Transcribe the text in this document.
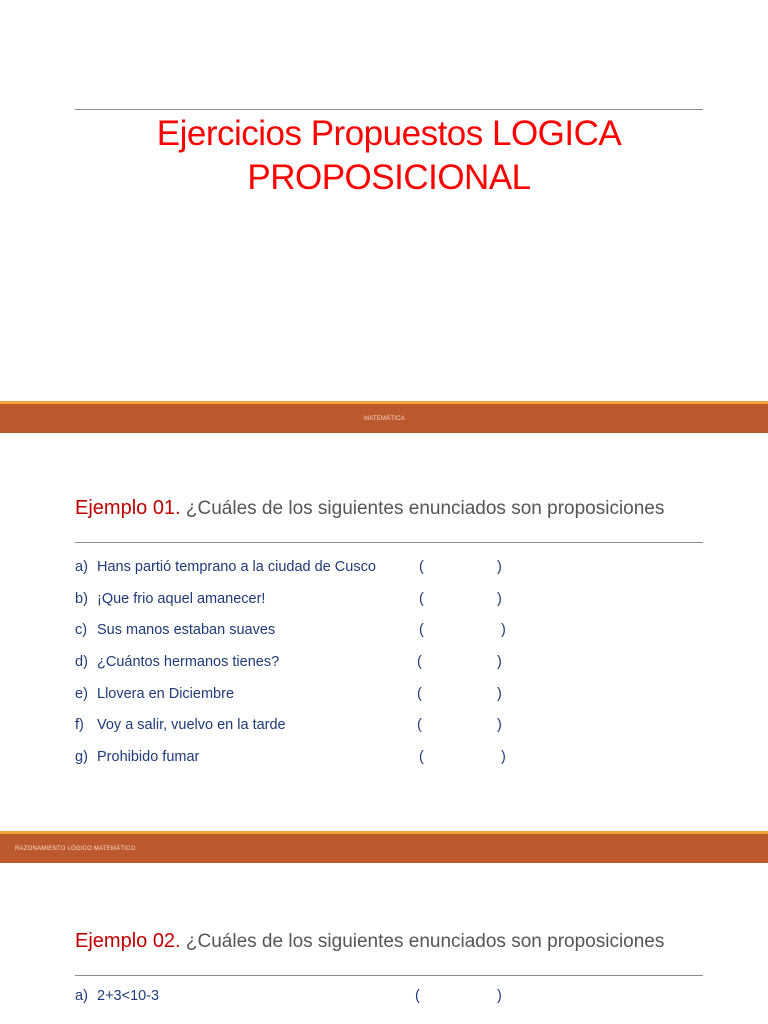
Ejercicios Propuestos LOGICA
PROPOSICIONAL
MATEMÁTICA
Ejemplo 01. ¿Cuáles de los siguientes enunciados son proposiciones
a) Hans partió temprano a la ciudad de Cusco	(	)
b) ¡Que frio aquel amanecer!	(	)
c) Sus manos estaban suaves	(	)
d) ¿Cuántos hermanos tienes?	(	)
e) Llovera en Diciembre	(	)
f) Voy a salir, vuelvo en la tarde	(	)
g) Prohibido fumar	(	)
RAZONAMIENTO LÓGICO MATEMÁTICO
Ejemplo 02. ¿Cuáles de los siguientes enunciados son proposiciones
a) 2+3<10-3	(	)
